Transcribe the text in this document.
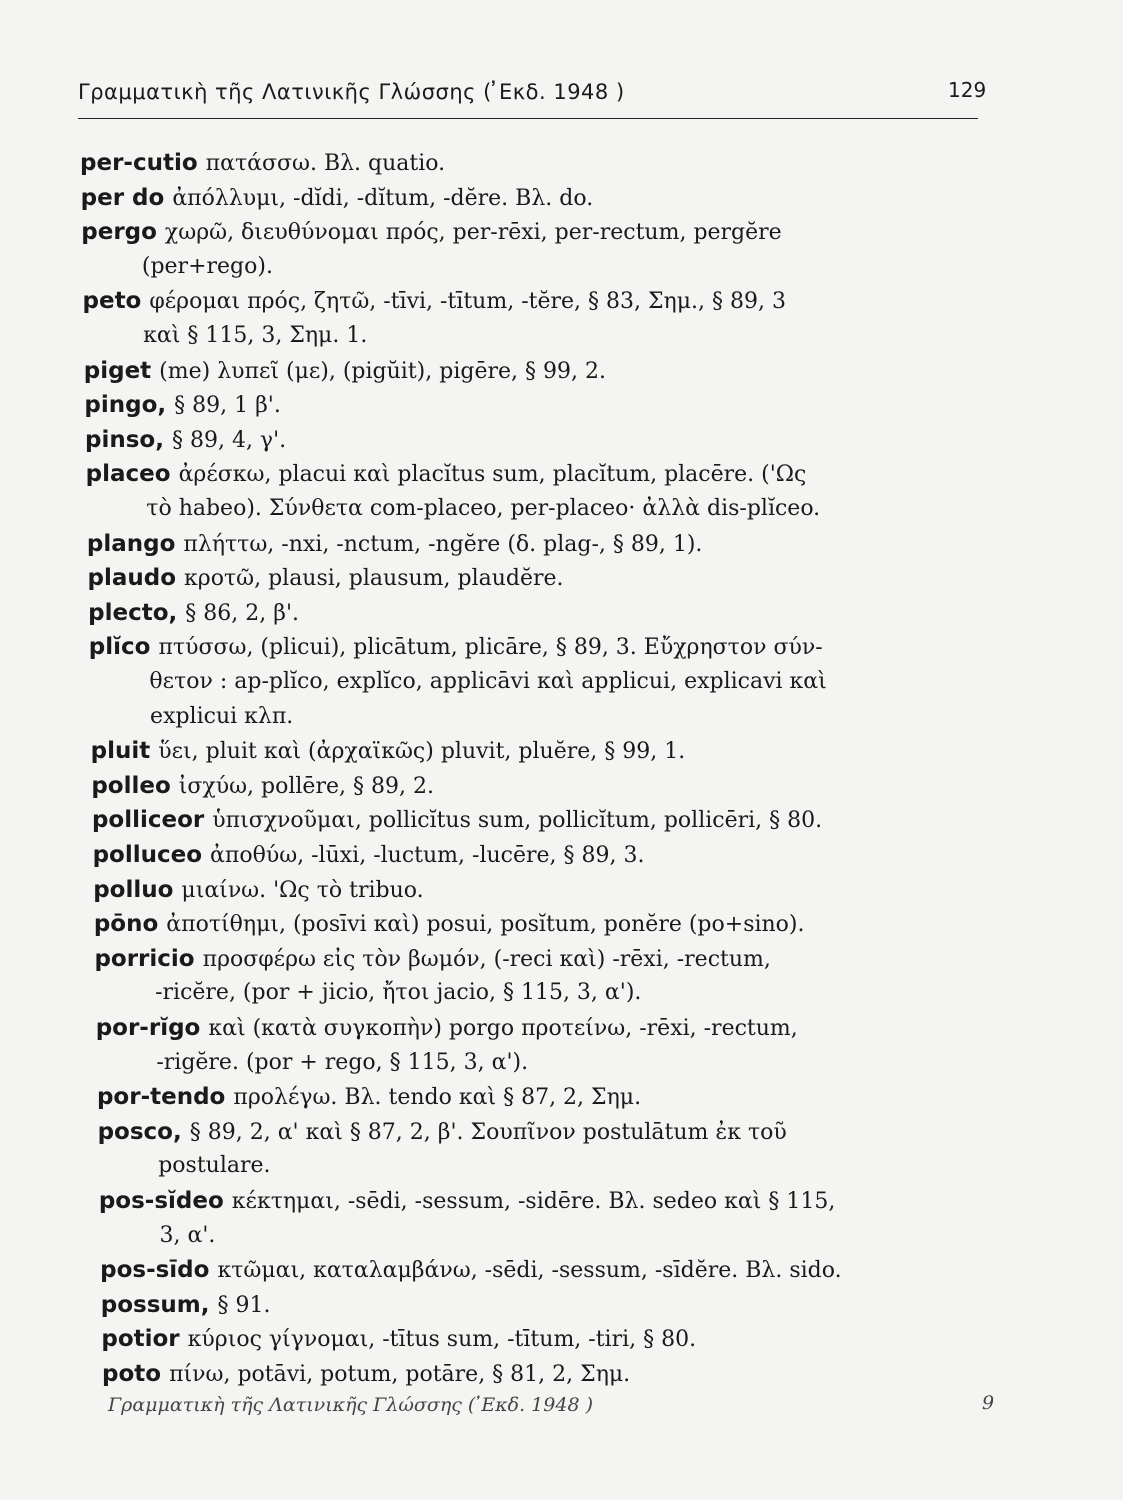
Γραμματικὴ τῆς Λατινικῆς Γλώσσης ( ̓Εκδ. 1948 )	129
per-cutio πατάσσω. Βλ. quatio.
per do ἀπόλλυμι, -dĭdi, -dĭtum, -dĕre. Βλ. do.
pergo χωρῶ, διευθύνομαι πρός, per-rēxi, per-rectum, pergĕre
(per+rego).
peto φέρομαι πρός, ζητῶ, -tīvi, -tītum, -tĕre, § 83, Σημ., § 89, 3
καὶ § 115, 3, Σημ. 1.
piget (me) λυπεῖ (με), (pigŭit), pigēre, § 99, 2.
pingo, § 89, 1 β'.
pinso, § 89, 4, γ'.
placeo ἀρέσκω, placui καὶ placĭtus sum, placĭtum, placēre. ('Ως
τὸ habeo). Σύνθετα com-placeo, per-placeo· ἀλλὰ dis-plĭceo.
plango πλήττω, -nxi, -nctum, -ngĕre (δ. plag-, § 89, 1).
plaudo κροτῶ, plausi, plausum, plaudĕre.
plecto, § 86, 2, β'.
plĭco πτύσσω, (plicui), plicātum, plicāre, § 89, 3. Εὔχρηστον σύν-
θετον : ap-plĭco, explĭco, applicāvi καὶ applicui, explicavi καὶ
explicui κλπ.
pluit ὕει, pluit καὶ (ἀρχαϊκῶς) pluvit, pluĕre, § 99, 1.
polleo ἰσχύω, pollēre, § 89, 2.
polliceor ὑπισχνοῦμαι, pollicĭtus sum, pollicĭtum, pollicēri, § 80.
polluceo ἀποθύω, -lūxi, -luctum, -lucēre, § 89, 3.
polluo μιαίνω. 'Ως τὸ tribuo.
pōno ἀποτίθημι, (posīvi καὶ) posui, posĭtum, ponĕre (po+sino).
porricio προσφέρω εἰς τὸν βωμόν, (-reci καὶ) -rēxi, -rectum,
-ricĕre, (por + jicio, ἤτοι jacio, § 115, 3, α').
por-rĭgo καὶ (κατὰ συγκοπὴν) porgo προτείνω, -rēxi, -rectum,
-rigĕre. (por + rego, § 115, 3, α').
por-tendo προλέγω. Βλ. tendo καὶ § 87, 2, Σημ.
posco, § 89, 2, α' καὶ § 87, 2, β'. Σουπῖνον postulātum ἐκ τοῦ
postulare.
pos-sĭdeo κέκτημαι, -sēdi, -sessum, -sidēre. Βλ. sedeo καὶ § 115,
3, α'.
pos-sīdo κτῶμαι, καταλαμβάνω, -sēdi, -sessum, -sīdĕre. Βλ. sido.
possum, § 91.
potior κύριος γίγνομαι, -tītus sum, -tītum, -tiri, § 80.
poto πίνω, potāvi, potum, potāre, § 81, 2, Σημ.
Γραμματικὴ τῆς Λατινικῆς Γλώσσης ( ̓Εκδ. 1948 )	9
